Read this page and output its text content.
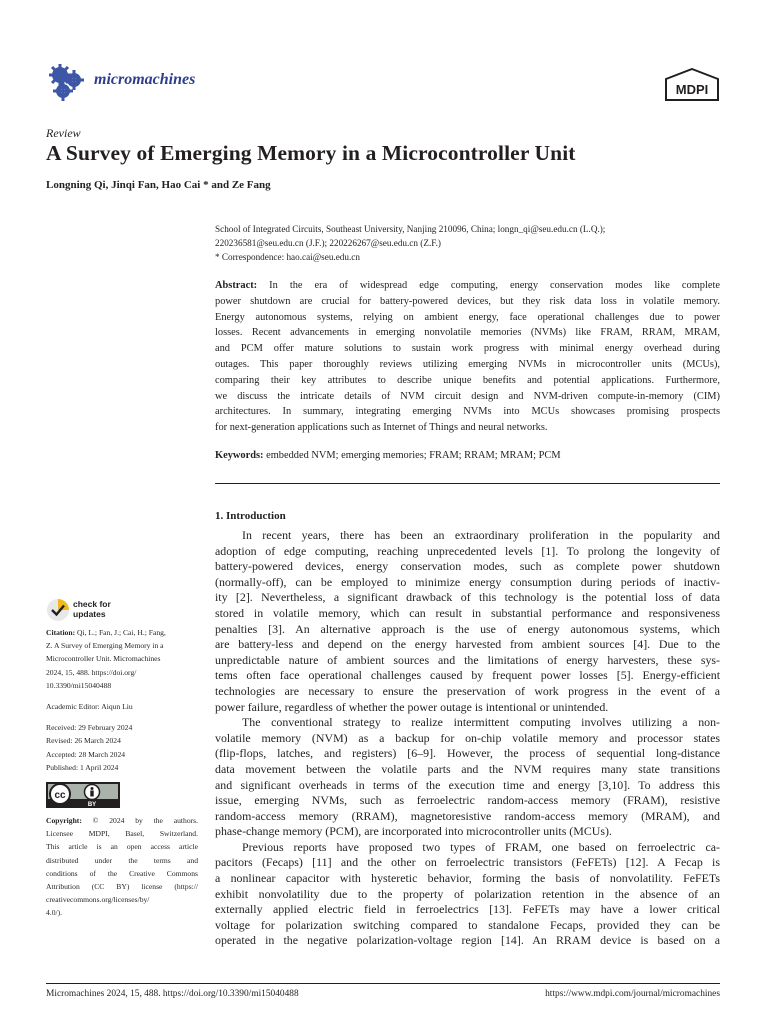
micromachines
MDPI
Review
A Survey of Emerging Memory in a Microcontroller Unit
Longning Qi, Jinqi Fan, Hao Cai * and Ze Fang
School of Integrated Circuits, Southeast University, Nanjing 210096, China; longn_qi@seu.edu.cn (L.Q.);
220236581@seu.edu.cn (J.F.); 220226267@seu.edu.cn (Z.F.)
* Correspondence: hao.cai@seu.edu.cn
Abstract: In the era of widespread edge computing, energy conservation modes like complete
power shutdown are crucial for battery-powered devices, but they risk data loss in volatile memory.
Energy autonomous systems, relying on ambient energy, face operational challenges due to power
losses. Recent advancements in emerging nonvolatile memories (NVMs) like FRAM, RRAM, MRAM,
and PCM offer mature solutions to sustain work progress with minimal energy overhead during
outages. This paper thoroughly reviews utilizing emerging NVMs in microcontroller units (MCUs),
comparing their key attributes to describe unique benefits and potential applications. Furthermore,
we discuss the intricate details of NVM circuit design and NVM-driven compute-in-memory (CIM)
architectures. In summary, integrating emerging NVMs into MCUs showcases promising prospects
for next-generation applications such as Internet of Things and neural networks.
Keywords: embedded NVM; emerging memories; FRAM; RRAM; MRAM; PCM
1. Introduction
In recent years, there has been an extraordinary proliferation in the popularity and
adoption of edge computing, reaching unprecedented levels [1]. To prolong the longevity of
battery-powered devices, energy conservation modes, such as complete power shutdown
(normally-off), can be employed to minimize energy consumption during periods of inactiv-
ity [2]. Nevertheless, a significant drawback of this technology is the potential loss of data
stored in volatile memory, which can result in substantial performance and responsiveness
penalties [3]. An alternative approach is the use of energy autonomous systems, which
are battery-less and depend on the energy harvested from ambient sources [4]. Due to the
unpredictable nature of ambient sources and the limitations of energy harvesters, these sys-
tems often face operational challenges caused by frequent power losses [5]. Energy-efficient
technologies are necessary to ensure the preservation of work progress in the event of a
power failure, regardless of whether the power outage is intentional or unintended.
The conventional strategy to realize intermittent computing involves utilizing a non-
volatile memory (NVM) as a backup for on-chip volatile memory and processor states
(flip-flops, latches, and registers) [6–9]. However, the process of sequential long-distance
data movement between the volatile parts and the NVM requires many state transitions
and significant overheads in terms of the execution time and energy [3,10]. To address this
issue, emerging NVMs, such as ferroelectric random-access memory (FRAM), resistive
random-access memory (RRAM), magnetoresistive random-access memory (MRAM), and
phase-change memory (PCM), are incorporated into microcontroller units (MCUs).
Previous reports have proposed two types of FRAM, one based on ferroelectric ca-
pacitors (Fecaps) [11] and the other on ferroelectric transistors (FeFETs) [12]. A Fecap is
a nonlinear capacitor with hysteretic behavior, forming the basis of nonvolatility. FeFETs
exhibit nonvolatility due to the property of polarization retention in the absence of an
externally applied electric field in ferroelectrics [13]. FeFETs may have a lower critical
voltage for polarization switching compared to standalone Fecaps, provided they can be
operated in the negative polarization-voltage region [14]. An RRAM device is based on a
check for
updates
Citation: Qi, L.; Fan, J.; Cai, H.; Fang,
Z. A Survey of Emerging Memory in a
Microcontroller Unit. Micromachines
2024, 15, 488. https://doi.org/
10.3390/mi15040488
Academic Editor: Aiqun Liu
Received: 29 February 2024
Revised: 26 March 2024
Accepted: 28 March 2024
Published: 1 April 2024
cc
BY
Copyright: © 2024 by the authors.
Licensee MDPI, Basel, Switzerland.
This article is an open access article
distributed under the terms and
conditions of the Creative Commons
Attribution (CC BY) license (https://
creativecommons.org/licenses/by/
4.0/).
Micromachines 2024, 15, 488. https://doi.org/10.3390/mi15040488	https://www.mdpi.com/journal/micromachines
